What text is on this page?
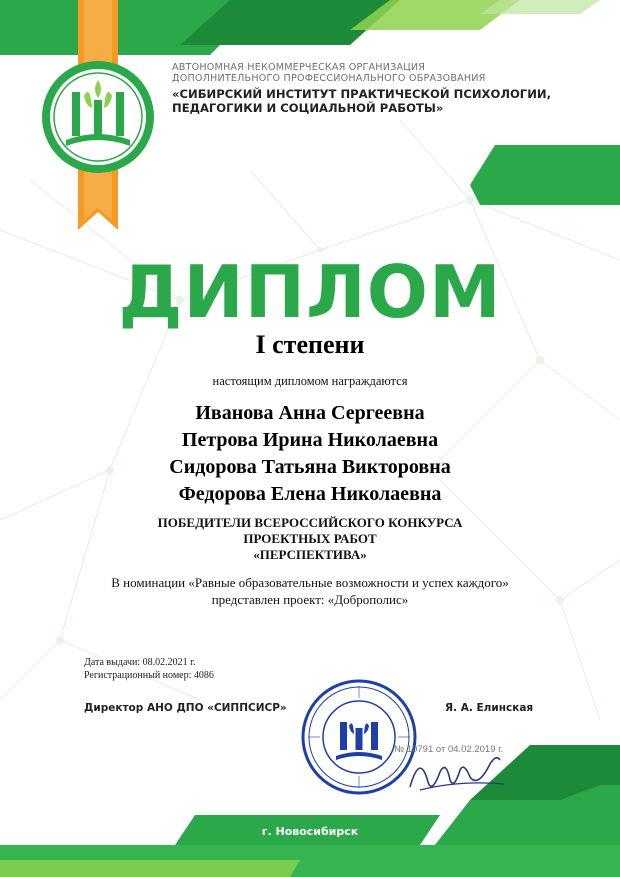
АВТОНОМНАЯ НЕКОММЕРЧЕСКАЯ ОРГАНИЗАЦИЯ
ДОПОЛНИТЕЛЬНОГО ПРОФЕССИОНАЛЬНОГО ОБРАЗОВАНИЯ
«СИБИРСКИЙ ИНСТИТУТ ПРАКТИЧЕСКОЙ ПСИХОЛОГИИ,
ПЕДАГОГИКИ И СОЦИАЛЬНОЙ РАБОТЫ»
ДИПЛОМ
I степени
настоящим дипломом награждаются
Иванова Анна Сергеевна
Петрова Ирина Николаевна
Сидорова Татьяна Викторовна
Федорова Елена Николаевна
ПОБЕДИТЕЛИ ВСЕРОССИЙСКОГО КОНКУРСА
ПРОЕКТНЫХ РАБОТ
«ПЕРСПЕКТИВА»
В номинации «Равные образовательные возможности и успех каждого»
представлен проект: «Доброполис»
Дата выдачи: 08.02.2021 г.
Регистрационный номер: 4086
Директор АНО ДПО «СИППСИСР»	Я. А. Елинская
№ 10791 от 04.02.2019 г.
г. Новосибирск
